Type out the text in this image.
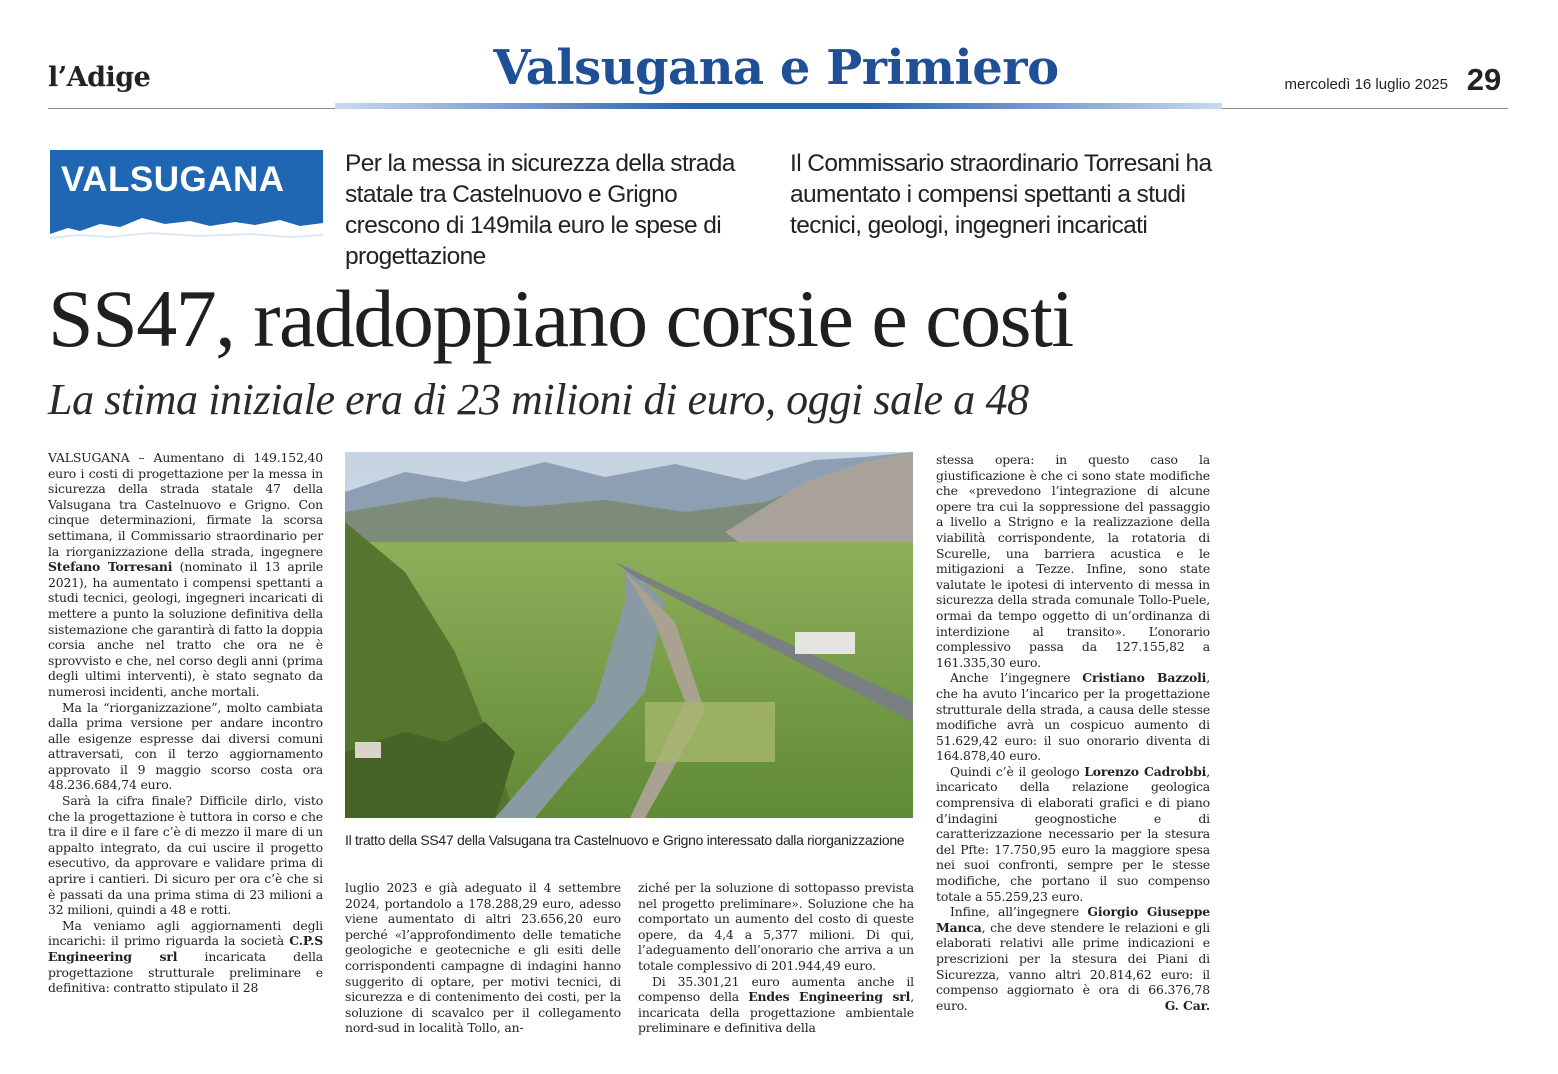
l’Adige	Valsugana e Primiero	mercoledì 16 luglio 2025 29
VALSUGANA Per la messa in sicurezza della strada statale tra Castelnuovo e Grigno crescono di 149mila euro le spese di progettazione
Il Commissario straordinario Torresani ha aumentato i compensi spettanti a studi tecnici, geologi, ingegneri incaricati
SS47, raddoppiano corsie e costi
La stima iniziale era di 23 milioni di euro, oggi sale a 48

VALSUGANA – Aumentano di 149.152,40 euro i costi di progettazione per la messa in sicurezza della strada statale 47 della Valsugana tra Castelnuovo e Grigno. Con cinque determinazioni, firmate la scorsa settimana, il Commissario straordinario per la riorganizzazione della strada, ingegnere Stefano Torresani (nominato il 13 aprile 2021), ha aumentato i compensi spettanti a studi tecnici, geologi, ingegneri incaricati di mettere a punto la soluzione definitiva della sistemazione che garantirà di fatto la doppia corsia anche nel tratto che ora ne è sprovvisto e che, nel corso degli anni (prima degli ultimi interventi), è stato segnato da numerosi incidenti, anche mortali.

Ma la “riorganizzazione”, molto cambiata dalla prima versione per andare incontro alle esigenze espresse dai diversi comuni attraversati, con il terzo aggiornamento approvato il 9 maggio scorso costa ora 48.236.684,74 euro.

Sarà la cifra finale? Difficile dirlo, visto che la progettazione è tuttora in corso e che tra il dire e il fare c’è di mezzo il mare di un appalto integrato, da cui uscire il progetto esecutivo, da approvare e validare prima di aprire i cantieri. Di sicuro per ora c’è che si è passati da una prima stima di 23 milioni a 32 milioni, quindi a 48 e rotti.

Ma veniamo agli aggiornamenti degli incarichi: il primo riguarda la società C.P.S Engineering srl incaricata della progettazione strutturale preliminare e definitiva: contratto stipulato il 28

Il tratto della SS47 della Valsugana tra Castelnuovo e Grigno interessato dalla riorganizzazione

luglio 2023 e già adeguato il 4 settembre 2024, portandolo a 178.288,29 euro, adesso viene aumentato di altri 23.656,20 euro perché «l’approfondimento delle tematiche geologiche e geotecniche e gli esiti delle corrispondenti campagne di indagini hanno suggerito di optare, per motivi tecnici, di sicurezza e di contenimento dei costi, per la soluzione di scavalco per il collegamento nord-sud in località Tollo, an-

ziché per la soluzione di sottopasso prevista nel progetto preliminare». Soluzione che ha comportato un aumento del costo di queste opere, da 4,4 a 5,377 milioni. Di qui, l’adeguamento dell’onorario che arriva a un totale complessivo di 201.944,49 euro.

Di 35.301,21 euro aumenta anche il compenso della Endes Engineering srl, incaricata della progettazione ambientale preliminare e definitiva della

stessa opera: in questo caso la giustificazione è che ci sono state modifiche che «prevedono l’integrazione di alcune opere tra cui la soppressione del passaggio a livello a Strigno e la realizzazione della viabilità corrispondente, la rotatoria di Scurelle, una barriera acustica e le mitigazioni a Tezze. Infine, sono state valutate le ipotesi di intervento di messa in sicurezza della strada comunale Tollo-Puele, ormai da tempo oggetto di un’ordinanza di interdizione al transito». L’onorario complessivo passa da 127.155,82 a 161.335,30 euro.

Anche l’ingegnere Cristiano Bazzoli, che ha avuto l’incarico per la progettazione strutturale della strada, a causa delle stesse modifiche avrà un cospicuo aumento di 51.629,42 euro: il suo onorario diventa di 164.878,40 euro.

Quindi c’è il geologo Lorenzo Cadrobbi, incaricato della relazione geologica comprensiva di elaborati grafici e di piano d’indagini geognostiche e di caratterizzazione necessario per la stesura del Pfte: 17.750,95 euro la maggiore spesa nei suoi confronti, sempre per le stesse modifiche, che portano il suo compenso totale a 55.259,23 euro.

Infine, all’ingegnere Giorgio Giuseppe Manca, che deve stendere le relazioni e gli elaborati relativi alle prime indicazioni e prescrizioni per la stesura dei Piani di Sicurezza, vanno altri 20.814,62 euro: il compenso aggiornato è ora di 66.376,78 euro.	G. Car.
